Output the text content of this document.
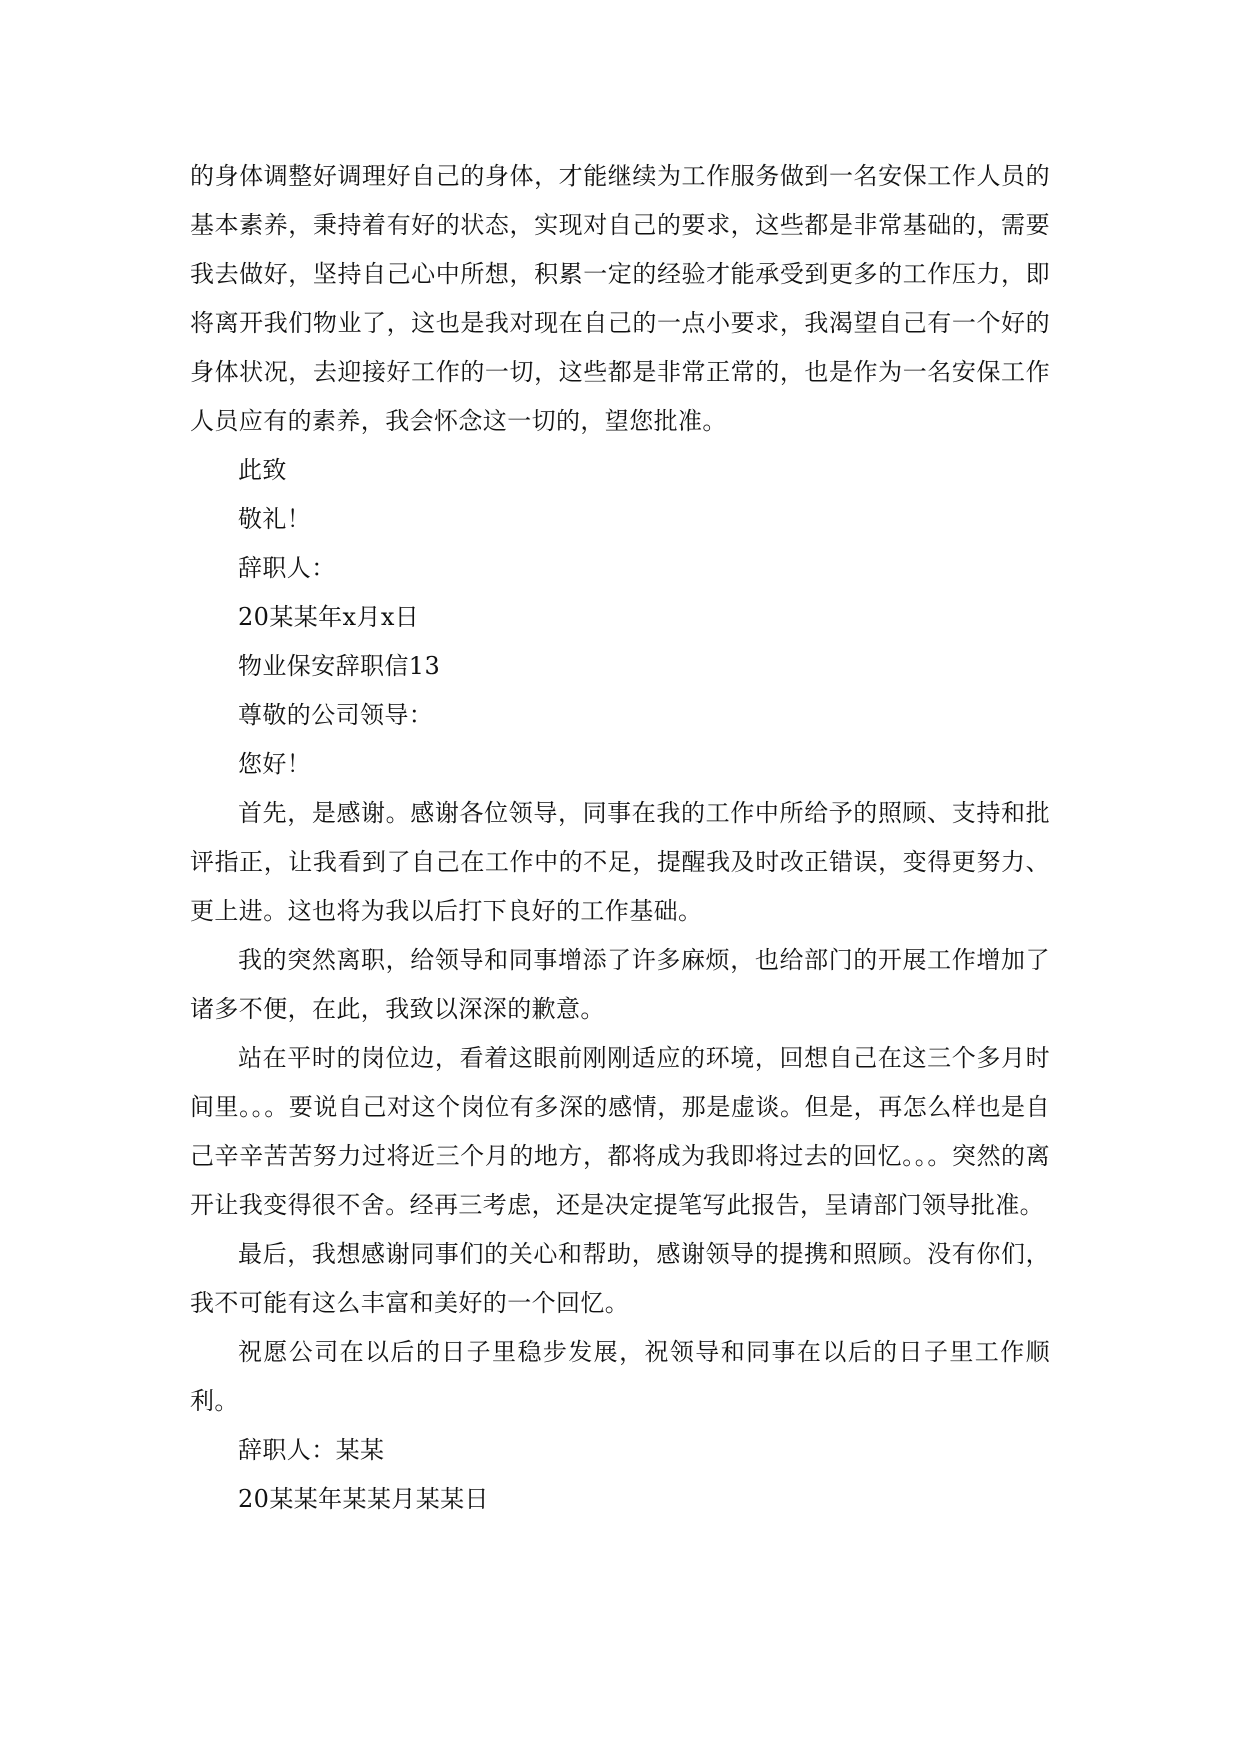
的身体调整好调理好自己的身体，才能继续为工作服务做到一名安保工作人员的基本素养，秉持着有好的状态，实现对自己的要求，这些都是非常基础的，需要我去做好，坚持自己心中所想，积累一定的经验才能承受到更多的工作压力，即将离开我们物业了，这也是我对现在自己的一点小要求，我渴望自己有一个好的身体状况，去迎接好工作的一切，这些都是非常正常的，也是作为一名安保工作人员应有的素养，我会怀念这一切的，望您批准。

此致

敬礼！

辞职人：

20某某年x月x日

物业保安辞职信13

尊敬的公司领导：

您好！

首先，是感谢。感谢各位领导，同事在我的工作中所给予的照顾、支持和批评指正，让我看到了自己在工作中的不足，提醒我及时改正错误，变得更努力、更上进。这也将为我以后打下良好的工作基础。

我的突然离职，给领导和同事增添了许多麻烦，也给部门的开展工作增加了诸多不便，在此，我致以深深的歉意。

站在平时的岗位边，看着这眼前刚刚适应的环境，回想自己在这三个多月时间里。。。要说自己对这个岗位有多深的感情，那是虚谈。但是，再怎么样也是自己辛辛苦苦努力过将近三个月的地方，都将成为我即将过去的回忆。。。突然的离开让我变得很不舍。经再三考虑，还是决定提笔写此报告，呈请部门领导批准。

最后，我想感谢同事们的关心和帮助，感谢领导的提携和照顾。没有你们，我不可能有这么丰富和美好的一个回忆。

祝愿公司在以后的日子里稳步发展，祝领导和同事在以后的日子里工作顺利。

辞职人：某某

20某某年某某月某某日
